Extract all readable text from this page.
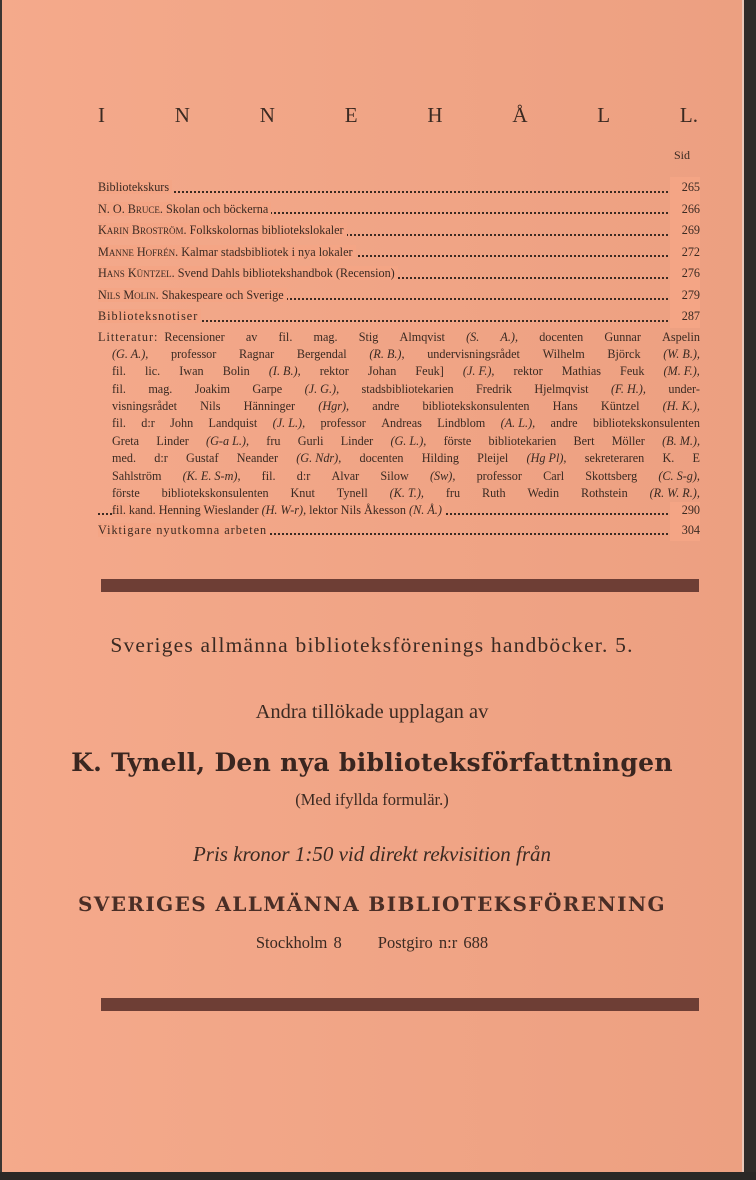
I	N	N	E	H	Å	L	L.
Sid
Bibliotekskurs	265
N. O. Bruce. Skolan och böckerna	266
Karin Broström. Folkskolornas bibliotekslokaler	269
Manne Hofrén. Kalmar stadsbibliotek i nya lokaler	272
Hans Küntzel. Svend Dahls bibliotekshandbok (Recension)	276
Nils Molin. Shakespeare och Sverige	279
Biblioteksnotiser	287
Litteratur: Recensioner av fil. mag. Stig Almqvist (S. A.), docenten Gunnar Aspelin
(G. A.), professor Ragnar Bergendal (R. B.), undervisningsrådet Wilhelm Björck (W. B.),
fil. lic. Iwan Bolin (I. B.), rektor Johan Feuk] (J. F.), rektor Mathias Feuk (M. F.),
fil. mag. Joakim Garpe (J. G.), stadsbibliotekarien Fredrik Hjelmqvist (F. H.), under-
visningsrådet Nils Hänninger (Hgr), andre bibliotekskonsulenten Hans Küntzel (H. K.),
fil. d:r John Landquist (J. L.), professor Andreas Lindblom (A. L.), andre bibliotekskonsulenten
Greta Linder (G-a L.), fru Gurli Linder (G. L.), förste bibliotekarien Bert Möller (B. M.),
med. d:r Gustaf Neander (G. Ndr), docenten Hilding Pleijel (Hg Pl), sekreteraren K. E
Sahlström (K. E. S-m), fil. d:r Alvar Silow (Sw), professor Carl Skottsberg (C. S-g),
förste bibliotekskonsulenten Knut Tynell (K. T.), fru Ruth Wedin Rothstein (R. W. R.),
fil. kand. Henning Wieslander (H. W-r), lektor Nils Åkesson (N. Å.)	290
Viktigare nyutkomna arbeten	304
Sveriges allmänna biblioteksförenings handböcker. 5.
Andra tillökade upplagan av
K. Tynell, Den nya biblioteksförfattningen
(Med ifyllda formulär.)
Pris kronor 1:50 vid direkt rekvisition från
SVERIGES ALLMÄNNA BIBLIOTEKSFÖRENING
Stockholm 8 Postgiro n:r 688
